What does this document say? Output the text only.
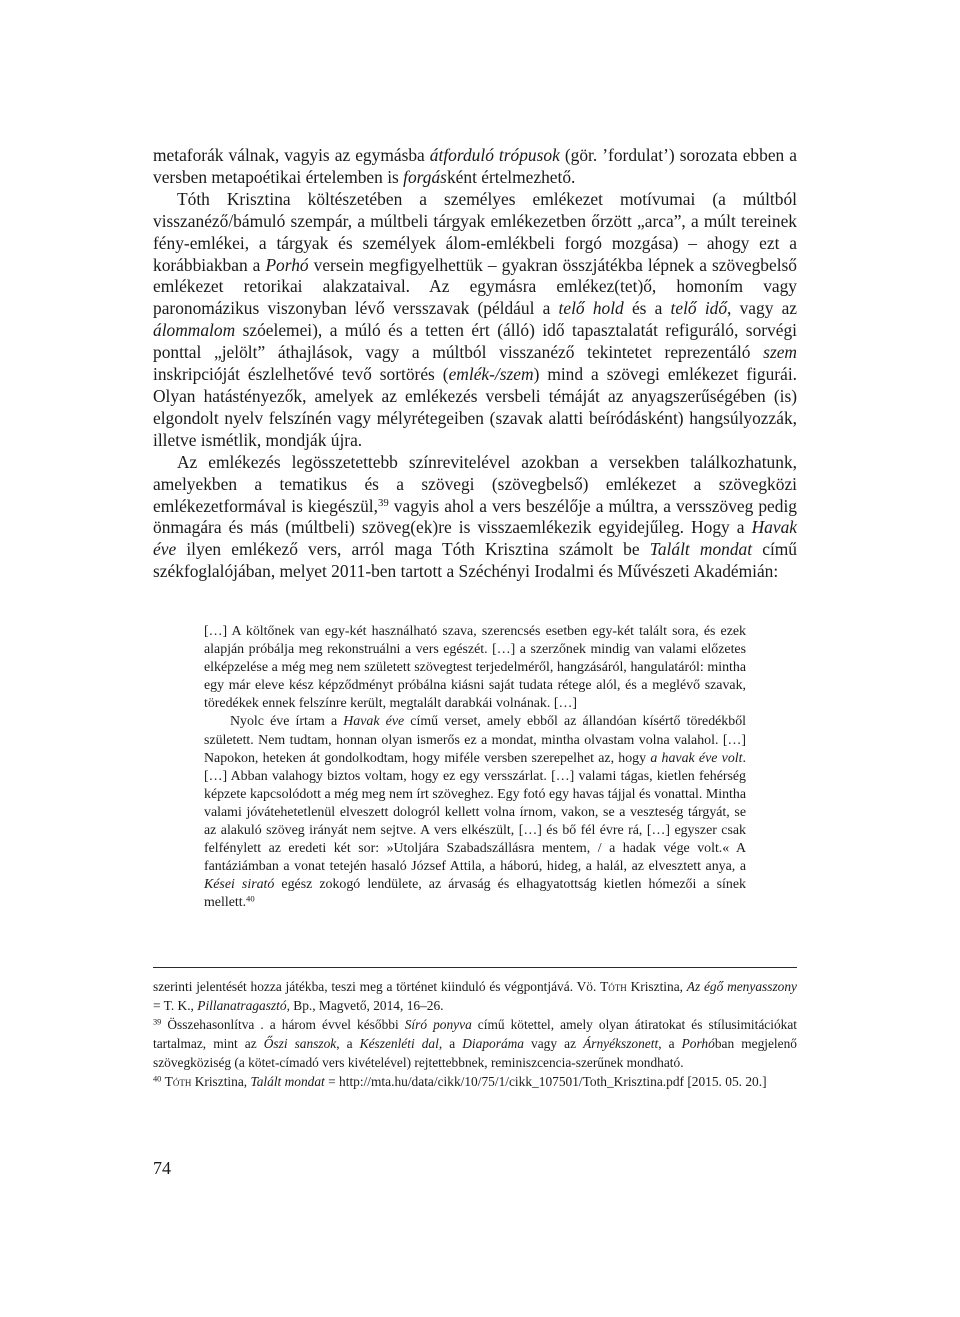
metaforák válnak, vagyis az egymásba átforduló trópusok (gör. ’fordulat’) sorozata ebben a versben metapoétikai értelemben is forgásként értelmezhető.

Tóth Krisztina költészetében a személyes emlékezet motívumai (a múltból visszanéző/bámuló szempár, a múltbeli tárgyak emlékezetben őrzött „arca”, a múlt tereinek fény-emlékei, a tárgyak és személyek álom-emlékbeli forgó mozgása) – ahogy ezt a korábbiakban a Porhó versein megfigyelhettük – gyakran összjátékba lépnek a szövegbelső emlékezet retorikai alakzataival. Az egymásra emlékez(tet)ő, homoním vagy paronomázikus viszonyban lévő versszavak (például a telő hold és a telő idő, vagy az álommalom szóelemei), a múló és a tetten ért (álló) idő tapasztalatát refiguráló, sorvégi ponttal „jelölt” áthajlások, vagy a múltból visszanéző tekintetet reprezentáló szem inskripcióját észlelhetővé tevő sortörés (emlék-/szem) mind a szövegi emlékezet figurái. Olyan hatástényezők, amelyek az emlékezés versbeli témáját az anyagszerűségében (is) elgondolt nyelv felszínén vagy mélyrétegeiben (szavak alatti beíródásként) hangsúlyozzák, illetve ismétlik, mondják újra.

Az emlékezés legösszetettebb színrevitelével azokban a versekben találkozhatunk, amelyekben a tematikus és a szövegi (szövegbelső) emlékezet a szövegközi emlékezetformával is kiegészül,$^{39}$ vagyis ahol a vers beszélője a múltra, a versszöveg pedig önmagára és más (múltbeli) szöveg(ek)re is visszaemlékezik egyidejűleg. Hogy a Havak éve ilyen emlékező vers, arról maga Tóth Krisztina számolt be Talált mondat című székfoglalójában, melyet 2011-ben tartott a Széchényi Irodalmi és Művészeti Akadémián:

[…] A költőnek van egy-két használható szava, szerencsés esetben egy-két talált sora, és ezek alapján próbálja meg rekonstruálni a vers egészét. […] a szerzőnek mindig van valami előzetes elképzelése a még meg nem született szövegtest terjedelméről, hangzásáról, hangulatáról: mintha egy már eleve kész képződményt próbálna kiásni saját tudata rétege alól, és a meglévő szavak, töredékek ennek felszínre került, megtalált darabkái volnának. […]

Nyolc éve írtam a Havak éve című verset, amely ebből az állandóan kísértő töredékből született. Nem tudtam, honnan olyan ismerős ez a mondat, mintha olvastam volna valahol. […] Napokon, heteken át gondolkodtam, hogy miféle versben szerepelhet az, hogy a havak éve volt. […] Abban valahogy biztos voltam, hogy ez egy versszárlat. […] valami tágas, kietlen fehérség képzete kapcsolódott a még meg nem írt szöveghez. Egy fotó egy havas tájjal és vonattal. Mintha valami jóvátehetetlenül elveszett dologról kellett volna írnom, vakon, se a veszteség tárgyát, se az alakuló szöveg irányát nem sejtve. A vers elkészült, […] és bő fél évre rá, […] egyszer csak felfénylett az eredeti két sor: »Utoljára Szabadszállásra mentem, / a hadak vége volt.« A fantáziámban a vonat tetején hasaló József Attila, a háború, hideg, a halál, az elvesztett anya, a Kései sirató egész zokogó lendülete, az árvaság és elhagyatottság kietlen hómezői a sínek mellett.$^{40}$

szerinti jelentését hozza játékba, teszi meg a történet kiinduló és végpontjává. Vö. Tóth Krisztina, Az égő menyasszony = T. K., Pillanatragasztó, Bp., Magvető, 2014, 16–26.

$^{39}$ Összehasonlítva . a három évvel későbbi Síró ponyva című kötettel, amely olyan átiratokat és stílusimitációkat tartalmaz, mint az Őszi sanszok, a Készenléti dal, a Diaporáma vagy az Árnyékszonett, a Porhóban megjelenő szövegköziség (a kötet-címadó vers kivételével) rejtettebbnek, reminiszcencia-szerűnek mondható.

$^{40}$ Tóth Krisztina, Talált mondat = http://mta.hu/data/cikk/10/75/1/cikk_107501/Toth_Krisztina.pdf [2015. 05. 20.]

74
